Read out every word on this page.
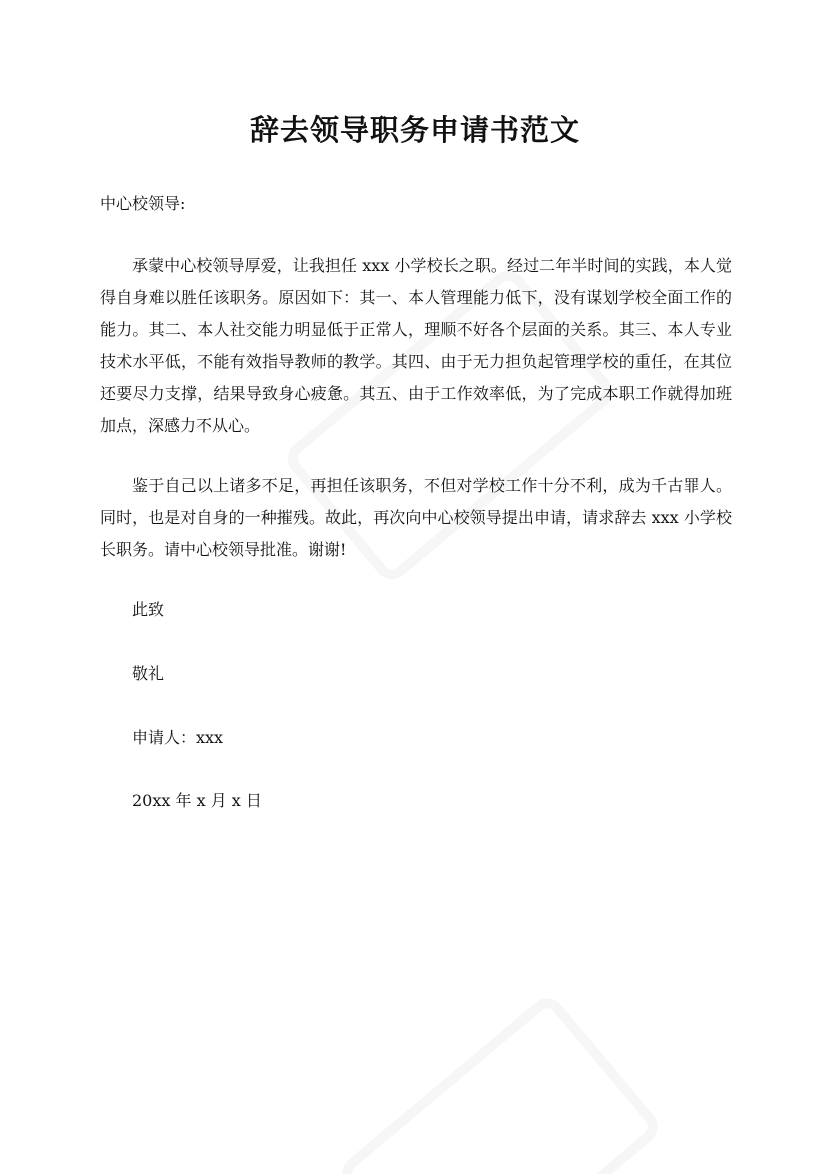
辞去领导职务申请书范文

中心校领导:

承蒙中心校领导厚爱，让我担任 xxx 小学校长之职。经过二年半时间的实践，本人觉得自身难以胜任该职务。原因如下：其一、本人管理能力低下，没有谋划学校全面工作的能力。其二、本人社交能力明显低于正常人，理顺不好各个层面的关系。其三、本人专业技术水平低，不能有效指导教师的教学。其四、由于无力担负起管理学校的重任，在其位还要尽力支撑，结果导致身心疲惫。其五、由于工作效率低，为了完成本职工作就得加班加点，深感力不从心。

鉴于自己以上诸多不足，再担任该职务，不但对学校工作十分不利，成为千古罪人。同时，也是对自身的一种摧残。故此，再次向中心校领导提出申请，请求辞去 xxx 小学校长职务。请中心校领导批准。谢谢!

此致

敬礼

申请人：xxx

20xx 年 x 月 x 日
